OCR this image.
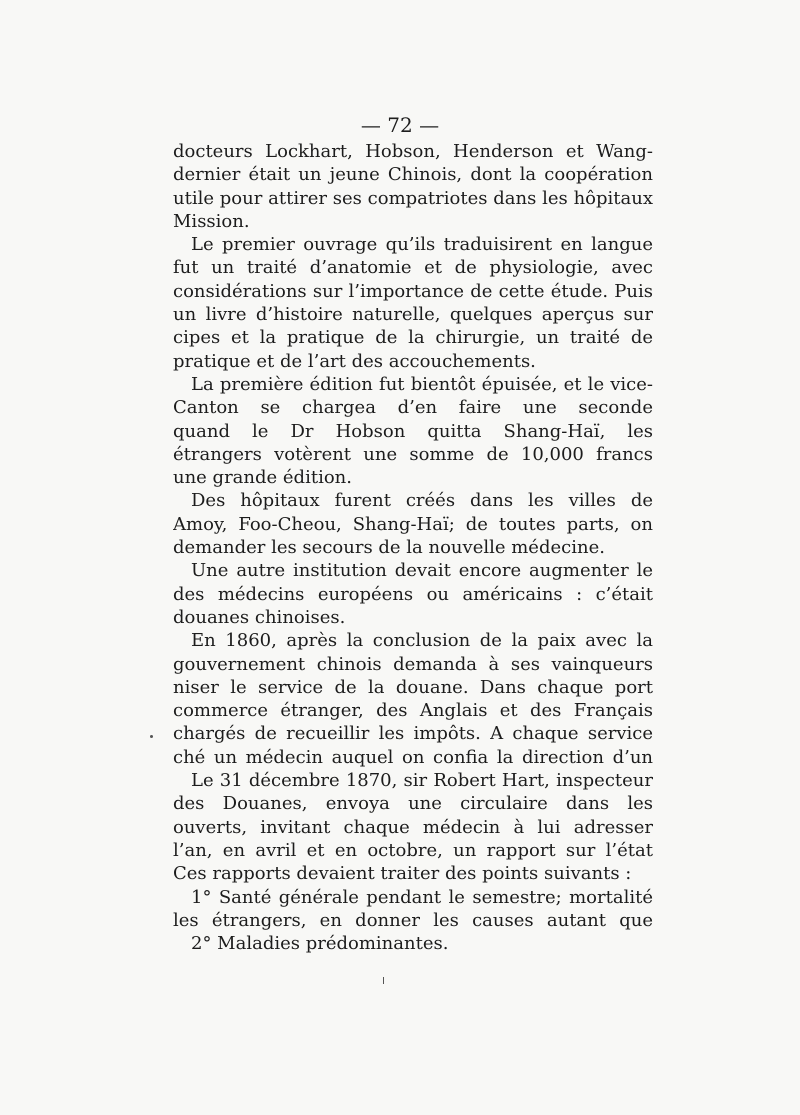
— 72 —
docteurs Lockhart, Hobson, Henderson et Wang-
dernier était un jeune Chinois, dont la coopération
utile pour attirer ses compatriotes dans les hôpitaux
Mission.
Le premier ouvrage qu’ils traduisirent en langue
fut un traité d’anatomie et de physiologie, avec
considérations sur l’importance de cette étude. Puis
un livre d’histoire naturelle, quelques aperçus sur
cipes et la pratique de la chirurgie, un traité de
pratique et de l’art des accouchements.
La première édition fut bientôt épuisée, et le vice-
Canton se chargea d’en faire une seconde
quand le Dr Hobson quitta Shang-Haï, les
étrangers votèrent une somme de 10,000 francs
une grande édition.
Des hôpitaux furent créés dans les villes de
Amoy, Foo-Cheou, Shang-Haï; de toutes parts, on
demander les secours de la nouvelle médecine.
Une autre institution devait encore augmenter le
des médecins européens ou américains : c’était
douanes chinoises.
En 1860, après la conclusion de la paix avec la
gouvernement chinois demanda à ses vainqueurs
niser le service de la douane. Dans chaque port
commerce étranger, des Anglais et des Français
chargés de recueillir les impôts. A chaque service
ché un médecin auquel on confia la direction d’un
Le 31 décembre 1870, sir Robert Hart, inspecteur
des Douanes, envoya une circulaire dans les
ouverts, invitant chaque médecin à lui adresser
l’an, en avril et en octobre, un rapport sur l’état
Ces rapports devaient traiter des points suivants :
1° Santé générale pendant le semestre; mortalité
les étrangers, en donner les causes autant que
2° Maladies prédominantes.
